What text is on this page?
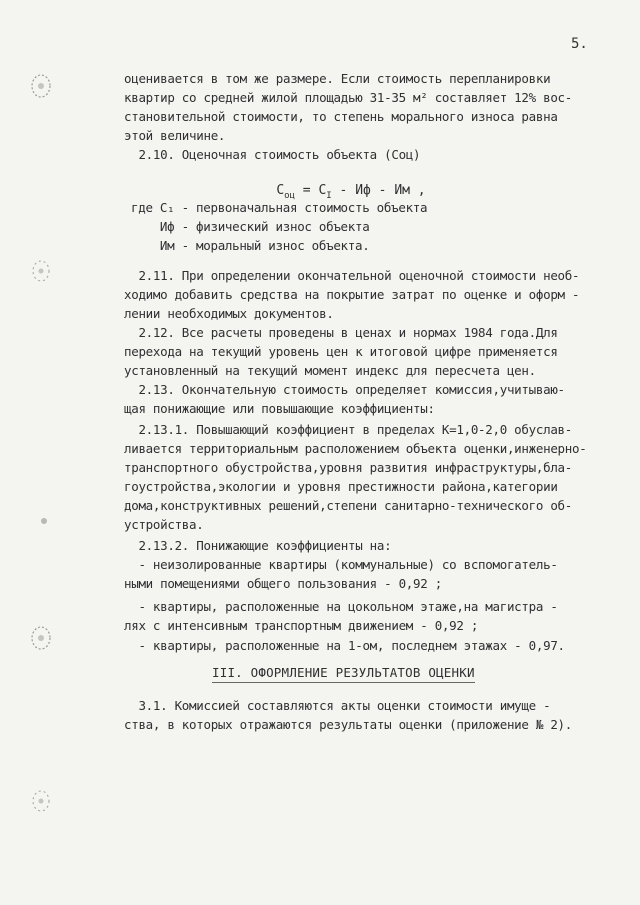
5.
оценивается в том же размере. Если стоимость перепланировки
квартир со средней жилой площадью 31-35 м² составляет 12% вос-
становительной стоимости, то степень морального износа равна
этой величине.
2.10. Оценочная стоимость объекта (Соц)

$С_{оц} = С_I$ - Иф - Им ,

где С₁ - первоначальная стоимость объекта
Иф - физический износ объекта
Им - моральный износ объекта.
2.11. При определении окончательной оценочной стоимости необ-
ходимо добавить средства на покрытие затрат по оценке и оформ -
лении необходимых документов.
2.12. Все расчеты проведены в ценах и нормах 1984 года.Для
перехода на текущий уровень цен к итоговой цифре применяется
установленный на текущий момент индекс для пересчета цен.
2.13. Окончательную стоимость определяет комиссия,учитываю-
щая понижающие или повышающие коэффициенты:
2.13.1. Повышающий коэффициент в пределах К=1,0-2,0 обуслав-
ливается территориальным расположением объекта оценки,инженерно-
транспортного обустройства,уровня развития инфраструктуры,бла-
гоустройства,экологии и уровня престижности района,категории
дома,конструктивных решений,степени санитарно-технического об-
устройства.
2.13.2. Понижающие коэффициенты на:
- неизолированные квартиры (коммунальные) со вспомогатель-
ными помещениями общего пользования - 0,92 ;
- квартиры, расположенные на цокольном этаже,на магистра -
лях с интенсивным транспортным движением - 0,92 ;
- квартиры, расположенные на 1-ом, последнем этажах - 0,97.
III. ОФОРМЛЕНИЕ РЕЗУЛЬТАТОВ ОЦЕНКИ
3.1. Комиссией составляются акты оценки стоимости имуще -
ства, в которых отражаются результаты оценки (приложение № 2).
